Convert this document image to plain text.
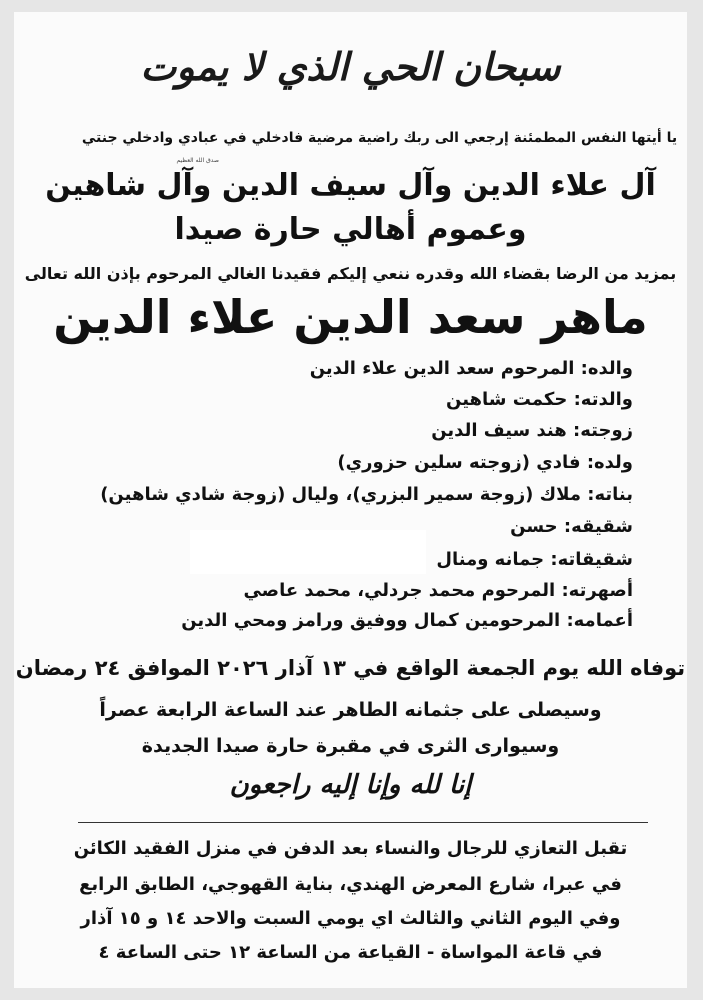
سبحان الحي الذي لا يموت
يا أيتها النفس المطمئنة إرجعي الى ربك راضية مرضية فادخلي في عبادي وادخلي جنتي
صدق الله العظيم
آل علاء الدين وآل سيف الدين وآل شاهين
وعموم أهالي حارة صيدا
بمزيد من الرضا بقضاء الله وقدره ننعي إليكم فقيدنا الغالي المرحوم بإذن الله تعالى
ماهر سعد الدين علاء الدين
والده: المرحوم سعد الدين علاء الدين
والدته: حكمت شاهين
زوجته: هند سيف الدين
ولده: فادي (زوجته سلين حزوري)
بناته: ملاك (زوجة سمير البزري)، وليال (زوجة شادي شاهين)
شقيقه: حسن
شقيقاته: جمانه ومنال
أصهرته: المرحوم محمد جردلي، محمد عاصي
أعمامه: المرحومين كمال ووفيق ورامز ومحي الدين
توفاه الله يوم الجمعة الواقع في ١٣ آذار ٢٠٢٦ الموافق ٢٤ رمضان
وسيصلى على جثمانه الطاهر عند الساعة الرابعة عصراً
وسيوارى الثرى في مقبرة حارة صيدا الجديدة
إنا لله وإنا إليه راجعون
تقبل التعازي للرجال والنساء بعد الدفن في منزل الفقيد الكائن
في عبرا، شارع المعرض الهندي، بناية القهوجي، الطابق الرابع
وفي اليوم الثاني والثالث اي يومي السبت والاحد ١٤ و ١٥ آذار
في قاعة المواساة - القياعة من الساعة ١٢ حتى الساعة ٤
